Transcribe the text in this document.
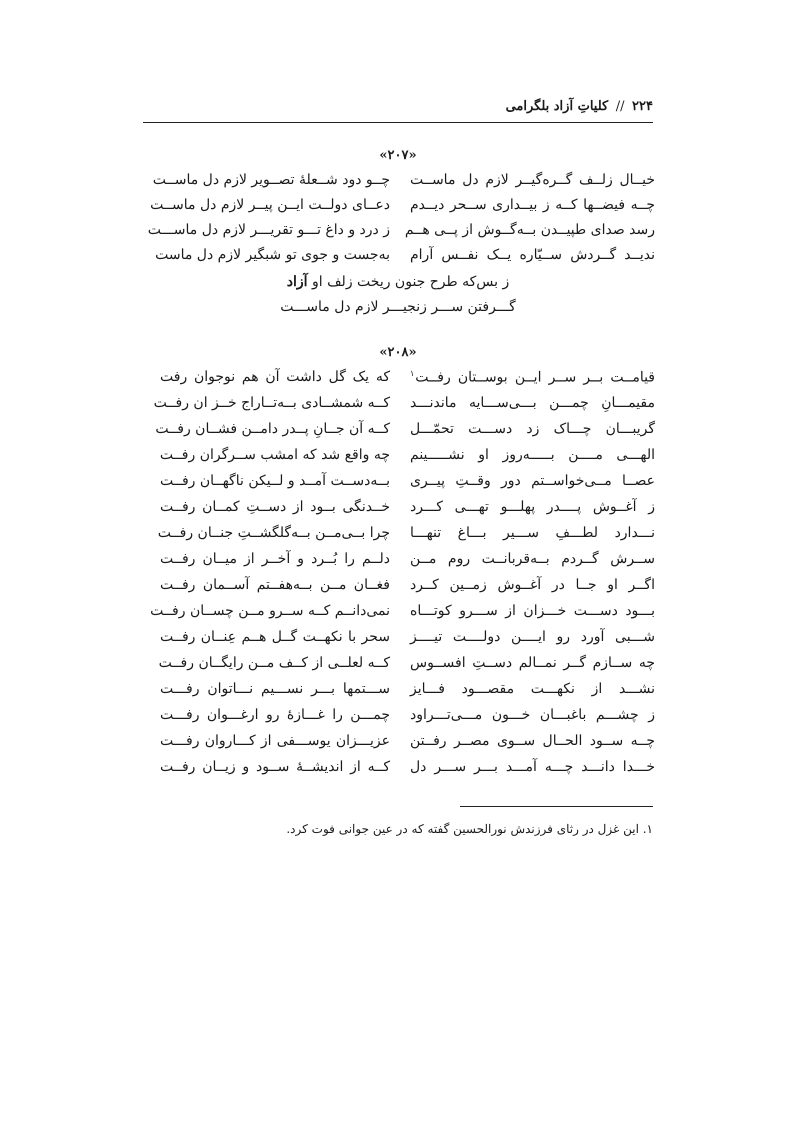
۲۲۴ // کلیاتِ آزاد بلگرامی
«۲۰۷»
خیــال زلــف گــره‌گیــر لازم دل ماســت
چــو دود شــعلهٔ تصــویر لازم دل ماســت
چــه فیضــها کــه ز بیــداری ســحر دیــدم
دعــای دولــت ایــن پیــر لازم دل ماســت
رسد صدای طپیــدن بــه‌گــوش از پــی هــم
ز درد و داغ تـــو تقریـــر لازم دل ماســـت
ندیــد گــردش ســیّاره یــک نفــس آرام
به‌جست و جوی تو شبگیر لازم دل ماست
ز بس‌که طرح جنون ریخت زلف او آزاد
گـــرفتن ســـر زنجیـــر لازم دل ماســـت
«۲۰۸»
قیامــت بــر ســر ایــن بوســتان رفــت$^۱$
که یک گل داشت آن هم نوجوان رفت
مقیمـــانِ چمـــن بـــی‌ســـایه ماندنـــد
کــه شمشــادی بــه‌تــاراج خــز ان رفــت
گریبـــان چـــاک زد دســـت تحمّـــل
کــه آن جــانِ پــدر دامــن فشــان رفــت
الهـــی مــــن بـــــه‌روز او نشـــــینم
چه واقع شد که امشب ســرگران رفــت
عصــا مــی‌خواســتم دور وقــتِ پیــری
بــه‌دســت آمــد و لــیکن ناگهــان رفــت
ز آغــوش پــــدر پهلـــو تهـــی کـــرد
خــدنگی بــود از دســتِ کمــان رفــت
نـــدارد لطـــفِ ســـیر بـــاغ تنهـــا
چرا بــی‌مــن بــه‌گلگشــتِ جنــان رفــت
ســرش گــردم بــه‌قربانــت روم مــن
دلــم را بُــرد و آخــر از میــان رفــت
اگــر او جــا در آغــوش زمــین کــرد
فغــان مــن بــه‌هفــتم آســمان رفــت
بـــود دســـت خـــزان از ســـرو کوتـــاه
نمی‌دانــم کــه ســرو مــن چســان رفــت
شـــبی آورد رو ایــــن دولــــت تیــــز
سحر با نکهــت گــل هــم عِنــان رفــت
چه ســازم گــر نمــالم دســتِ افســوس
کــه لعلــی از کــف مــن رایگــان رفــت
نشـــد از نکهـــت مقصـــود فـــایز
ســـتمها بـــر نســـیم نـــاتوان رفـــت
ز چشـــم باغبـــان خـــون مـــی‌تـــراود
چمـــن را غـــازهٔ رو ارغـــوان رفـــت
چــه ســود الحــال ســوی مصــر رفــتن
عزیـــزان یوســـفی از کـــاروان رفـــت
خـــدا دانـــد چـــه آمـــد بـــر ســـر دل
کــه از اندیشــهٔ ســود و زیــان رفــت
۱. این غزل در رثای فرزندش نورالحسین گفته که در عین جوانی فوت کرد.
